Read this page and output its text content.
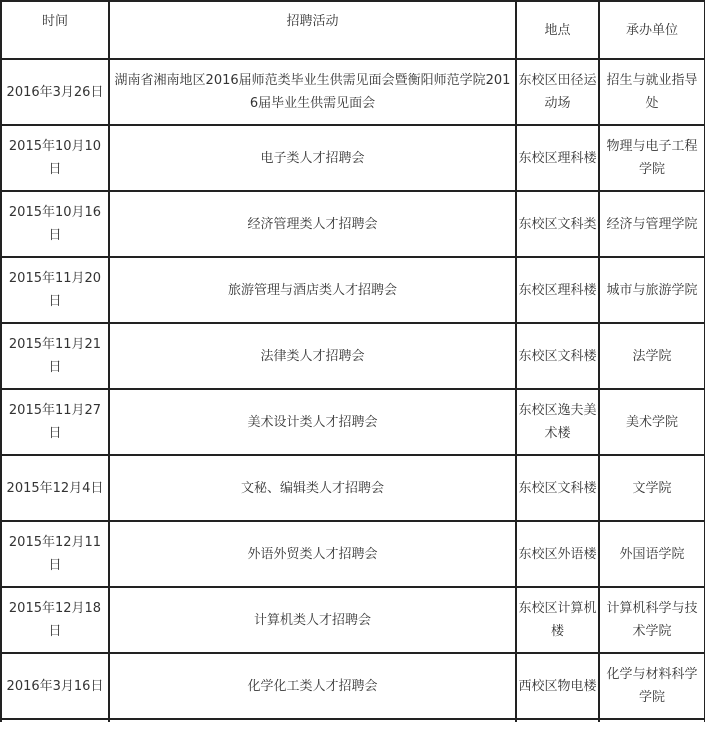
时间	招聘活动	地点	承办单位
2016年3月26日	湖南省湘南地区2016届师范类毕业生供需见面会暨衡阳师范学院2016届毕业生供需见面会	东校区田径运动场	招生与就业指导处
2015年10月10日	电子类人才招聘会	东校区理科楼	物理与电子工程学院
2015年10月16日	经济管理类人才招聘会	东校区文科类	经济与管理学院
2015年11月20日	旅游管理与酒店类人才招聘会	东校区理科楼	城市与旅游学院
2015年11月21日	法律类人才招聘会	东校区文科楼	法学院
2015年11月27日	美术设计类人才招聘会	东校区逸夫美术楼	美术学院
2015年12月4日	文秘、编辑类人才招聘会	东校区文科楼	文学院
2015年12月11日	外语外贸类人才招聘会	东校区外语楼	外国语学院
2015年12月18日	计算机类人才招聘会	东校区计算机楼	计算机科学与技术学院
2016年3月16日	化学化工类人才招聘会	西校区物电楼	化学与材料科学学院
